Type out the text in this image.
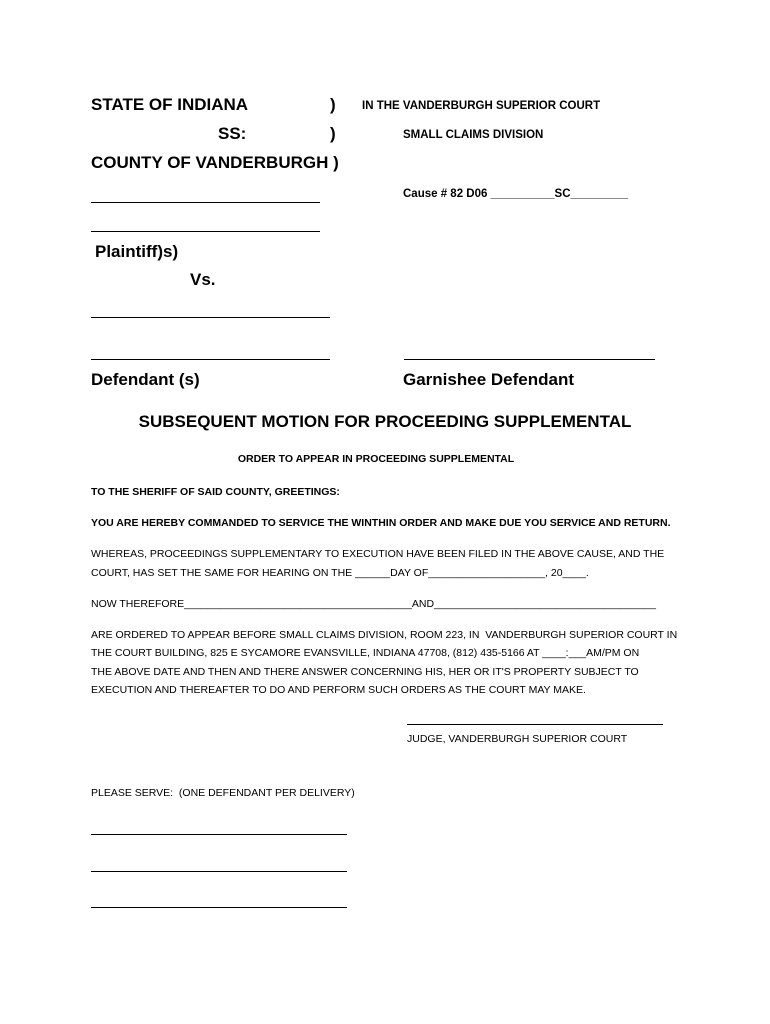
STATE OF INDIANA	) IN THE VANDERBURGH SUPERIOR COURT
SS:	)	SMALL CLAIMS DIVISION
COUNTY OF VANDERBURGH )
Cause # 82 D06 __________SC_________
Plaintiff)s)
Vs.
Defendant (s)	Garnishee Defendant
SUBSEQUENT MOTION FOR PROCEEDING SUPPLEMENTAL
ORDER TO APPEAR IN PROCEEDING SUPPLEMENTAL
TO THE SHERIFF OF SAID COUNTY, GREETINGS:
YOU ARE HEREBY COMMANDED TO SERVICE THE WINTHIN ORDER AND MAKE DUE YOU SERVICE AND RETURN.
WHEREAS, PROCEEDINGS SUPPLEMENTARY TO EXECUTION HAVE BEEN FILED IN THE ABOVE CAUSE, AND THE
COURT, HAS SET THE SAME FOR HEARING ON THE ______DAY OF____________________, 20____.
NOW THEREFORE_______________________________________AND______________________________________
ARE ORDERED TO APPEAR BEFORE SMALL CLAIMS DIVISION, ROOM 223, IN  VANDERBURGH SUPERIOR COURT IN
THE COURT BUILDING, 825 E SYCAMORE EVANSVILLE, INDIANA 47708, (812) 435-5166 AT ____:___AM/PM ON
THE ABOVE DATE AND THEN AND THERE ANSWER CONCERNING HIS, HER OR IT'S PROPERTY SUBJECT TO
EXECUTION AND THEREAFTER TO DO AND PERFORM SUCH ORDERS AS THE COURT MAY MAKE.
JUDGE, VANDERBURGH SUPERIOR COURT
PLEASE SERVE:  (ONE DEFENDANT PER DELIVERY)
